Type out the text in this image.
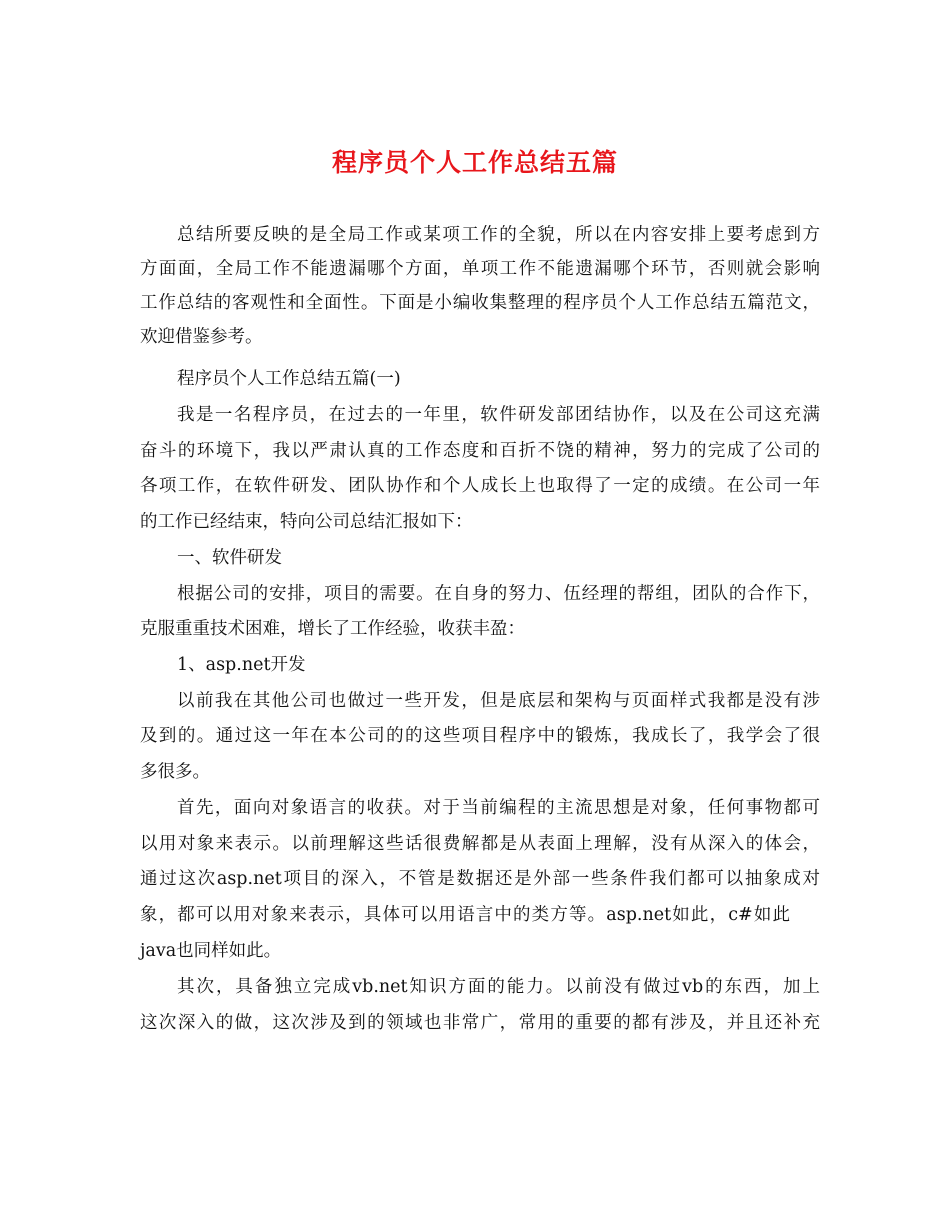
程序员个人工作总结五篇
总结所要反映的是全局工作或某项工作的全貌，所以在内容安排上要考虑到方
方面面，全局工作不能遗漏哪个方面，单项工作不能遗漏哪个环节，否则就会影响
工作总结的客观性和全面性。下面是小编收集整理的程序员个人工作总结五篇范文，
欢迎借鉴参考。
程序员个人工作总结五篇(一)
我是一名程序员，在过去的一年里，软件研发部团结协作，以及在公司这充满
奋斗的环境下，我以严肃认真的工作态度和百折不饶的精神，努力的完成了公司的
各项工作，在软件研发、团队协作和个人成长上也取得了一定的成绩。在公司一年
的工作已经结束，特向公司总结汇报如下：
一、软件研发
根据公司的安排，项目的需要。在自身的努力、伍经理的帮组，团队的合作下，
克服重重技术困难，增长了工作经验，收获丰盈：
1、asp.net开发
以前我在其他公司也做过一些开发，但是底层和架构与页面样式我都是没有涉
及到的。通过这一年在本公司的的这些项目程序中的锻炼，我成长了，我学会了很
多很多。
首先，面向对象语言的收获。对于当前编程的主流思想是对象，任何事物都可
以用对象来表示。以前理解这些话很费解都是从表面上理解，没有从深入的体会，
通过这次asp.net项目的深入，不管是数据还是外部一些条件我们都可以抽象成对
象，都可以用对象来表示，具体可以用语言中的类方等。asp.net如此，c#如此
java也同样如此。
其次，具备独立完成vb.net知识方面的能力。以前没有做过vb的东西，加上
这次深入的做，这次涉及到的领域也非常广，常用的重要的都有涉及，并且还补充
